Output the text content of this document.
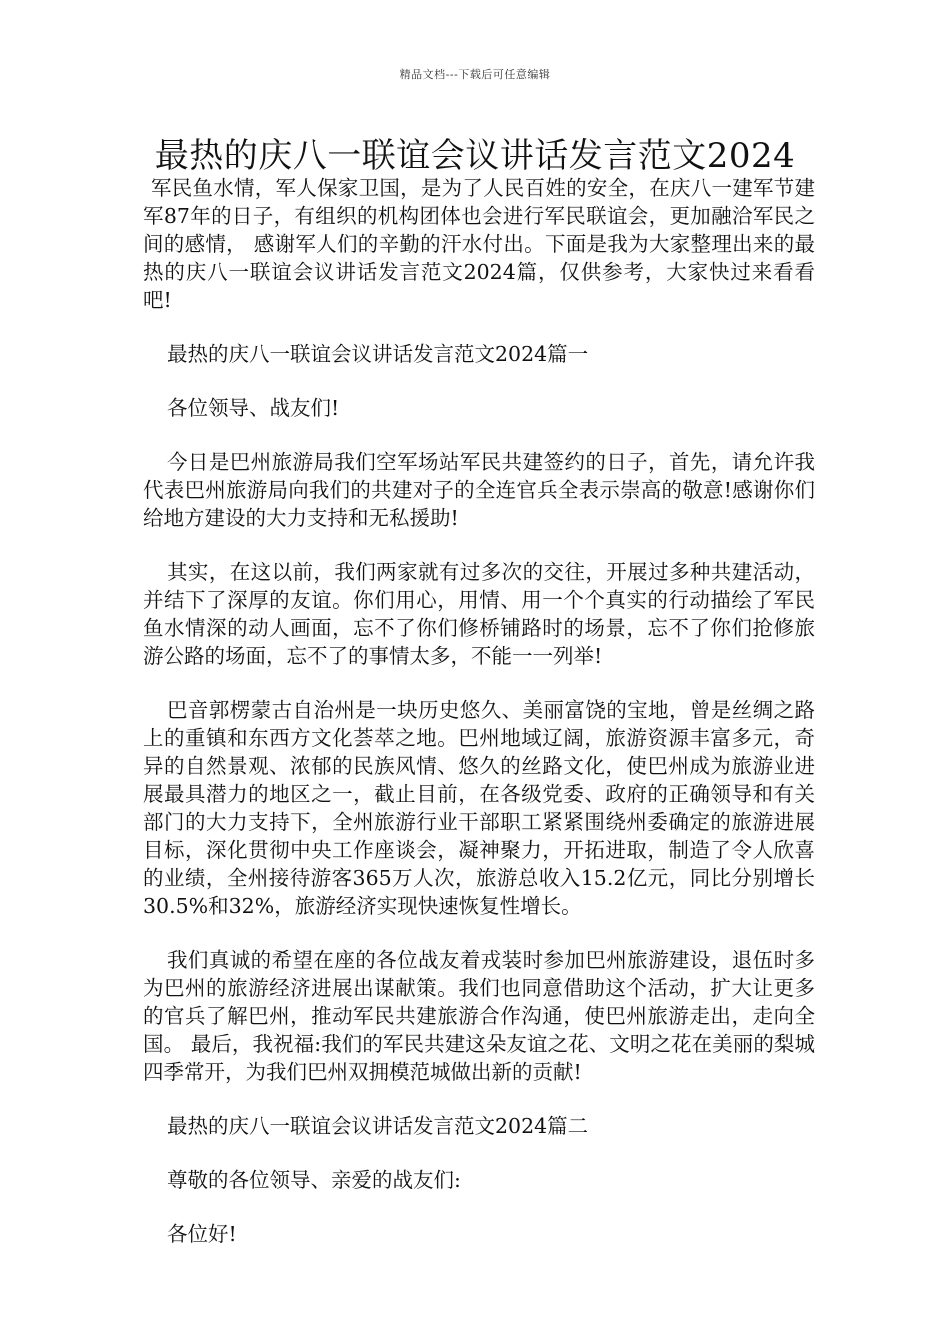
精品文档---下载后可任意编辑
最热的庆八一联谊会议讲话发言范文2024

军民鱼水情，军人保家卫国，是为了人民百姓的安全，在庆八一建军节建军87年的日子，有组织的机构团体也会进行军民联谊会，更加融洽军民之间的感情， 感谢军人们的辛勤的汗水付出。下面是我为大家整理出来的最热的庆八一联谊会议讲话发言范文2024篇，仅供参考，大家快过来看看吧!

最热的庆八一联谊会议讲话发言范文2024篇一

各位领导、战友们!

今日是巴州旅游局我们空军场站军民共建签约的日子，首先，请允许我代表巴州旅游局向我们的共建对子的全连官兵全表示崇高的敬意!感谢你们给地方建设的大力支持和无私援助!

其实，在这以前，我们两家就有过多次的交往，开展过多种共建活动，并结下了深厚的友谊。你们用心，用情、用一个个真实的行动描绘了军民鱼水情深的动人画面，忘不了你们修桥铺路时的场景，忘不了你们抢修旅游公路的场面，忘不了的事情太多，不能一一列举!

巴音郭楞蒙古自治州是一块历史悠久、美丽富饶的宝地，曾是丝绸之路上的重镇和东西方文化荟萃之地。巴州地域辽阔，旅游资源丰富多元，奇异的自然景观、浓郁的民族风情、悠久的丝路文化，使巴州成为旅游业进展最具潜力的地区之一，截止目前，在各级党委、政府的正确领导和有关部门的大力支持下，全州旅游行业干部职工紧紧围绕州委确定的旅游进展目标，深化贯彻中央工作座谈会，凝神聚力，开拓进取，制造了令人欣喜的业绩，全州接待游客365万人次，旅游总收入15.2亿元，同比分别增长30.5%和32%，旅游经济实现快速恢复性增长。

我们真诚的希望在座的各位战友着戎装时参加巴州旅游建设，退伍时多为巴州的旅游经济进展出谋献策。我们也同意借助这个活动，扩大让更多的官兵了解巴州，推动军民共建旅游合作沟通，使巴州旅游走出，走向全国。 最后，我祝福:我们的军民共建这朵友谊之花、文明之花在美丽的梨城四季常开，为我们巴州双拥模范城做出新的贡献!

最热的庆八一联谊会议讲话发言范文2024篇二

尊敬的各位领导、亲爱的战友们:

各位好!
